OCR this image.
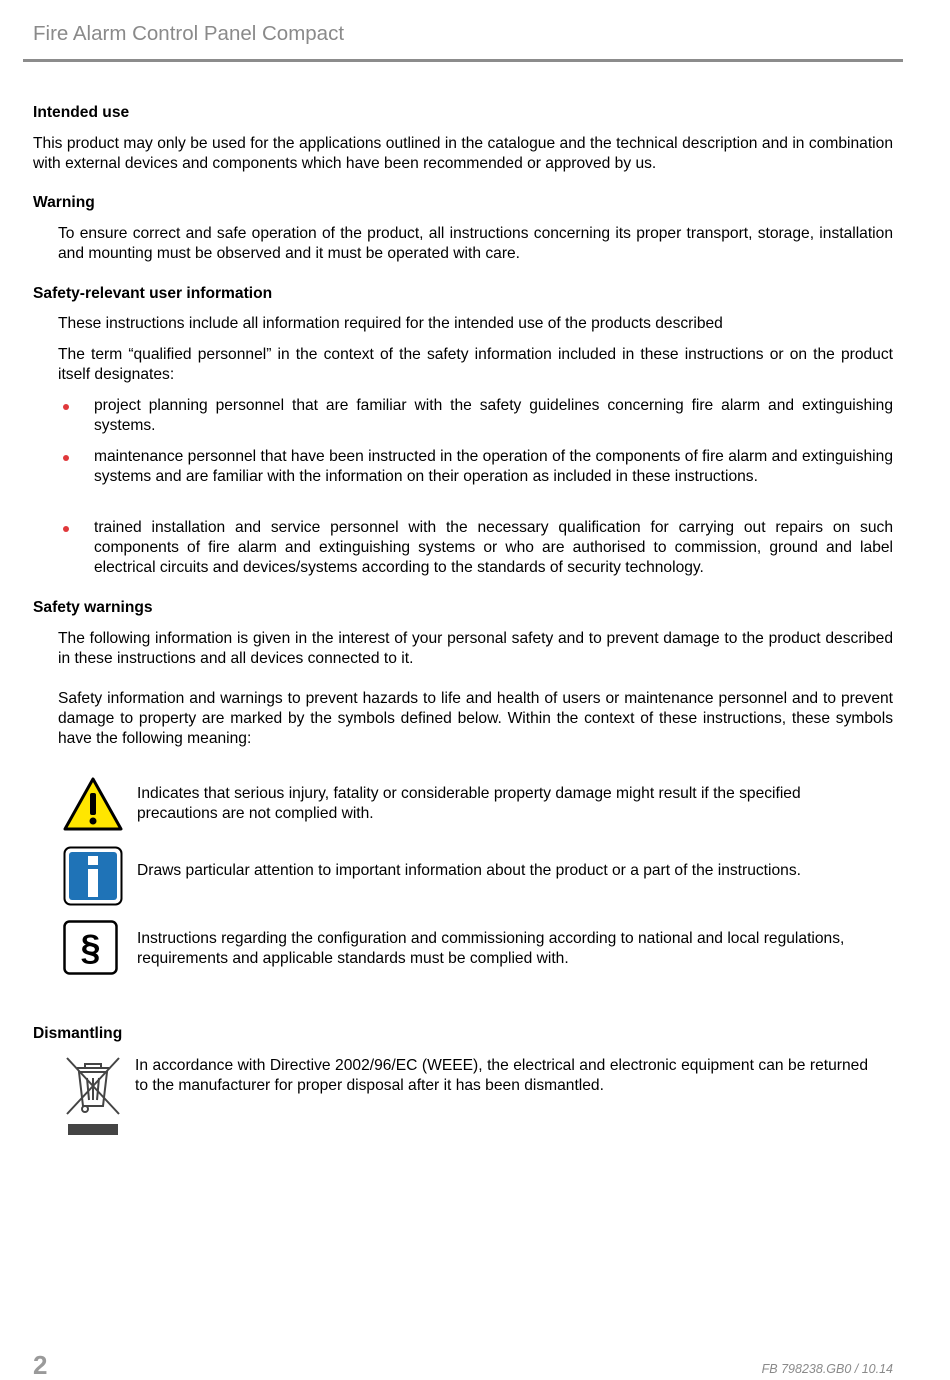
Fire Alarm Control Panel Compact
Intended use
This product may only be used for the applications outlined in the catalogue and the technical description and in combination with external devices and components which have been recommended or approved by us.
Warning
To ensure correct and safe operation of the product, all instructions concerning its proper transport, storage, installation and mounting must be observed and it must be operated with care.
Safety-relevant user information
These instructions include all information required for the intended use of the products described
The term “qualified personnel” in the context of the safety information included in these instructions or on the product itself designates:
project planning personnel that are familiar with the safety guidelines concerning fire alarm and extinguishing systems.
maintenance personnel that have been instructed in the operation of the components of fire alarm and extinguishing systems and are familiar with the information on their operation as included in these instructions.
trained installation and service personnel with the necessary qualification for carrying out repairs on such components of fire alarm and extinguishing systems or who are authorised to commission, ground and label electrical circuits and devices/systems according to the standards of security technology.
Safety warnings
The following information is given in the interest of your personal safety and to prevent damage to the product described in these instructions and all devices connected to it.
Safety information and warnings to prevent hazards to life and health of users or maintenance personnel and to prevent damage to property are marked by the symbols defined below. Within the context of these instructions, these symbols have the following meaning:
Indicates that serious injury, fatality or considerable property damage might result if the specified precautions are not complied with.
Draws particular attention to important information about the product or a part of the instructions.
§ Instructions regarding the configuration and commissioning according to national and local regulations, requirements and applicable standards must be complied with.
Dismantling
In accordance with Directive 2002/96/EC (WEEE), the electrical and electronic equipment can be returned to the manufacturer for proper disposal after it has been dismantled.
2	FB 798238.GB0 / 10.14
